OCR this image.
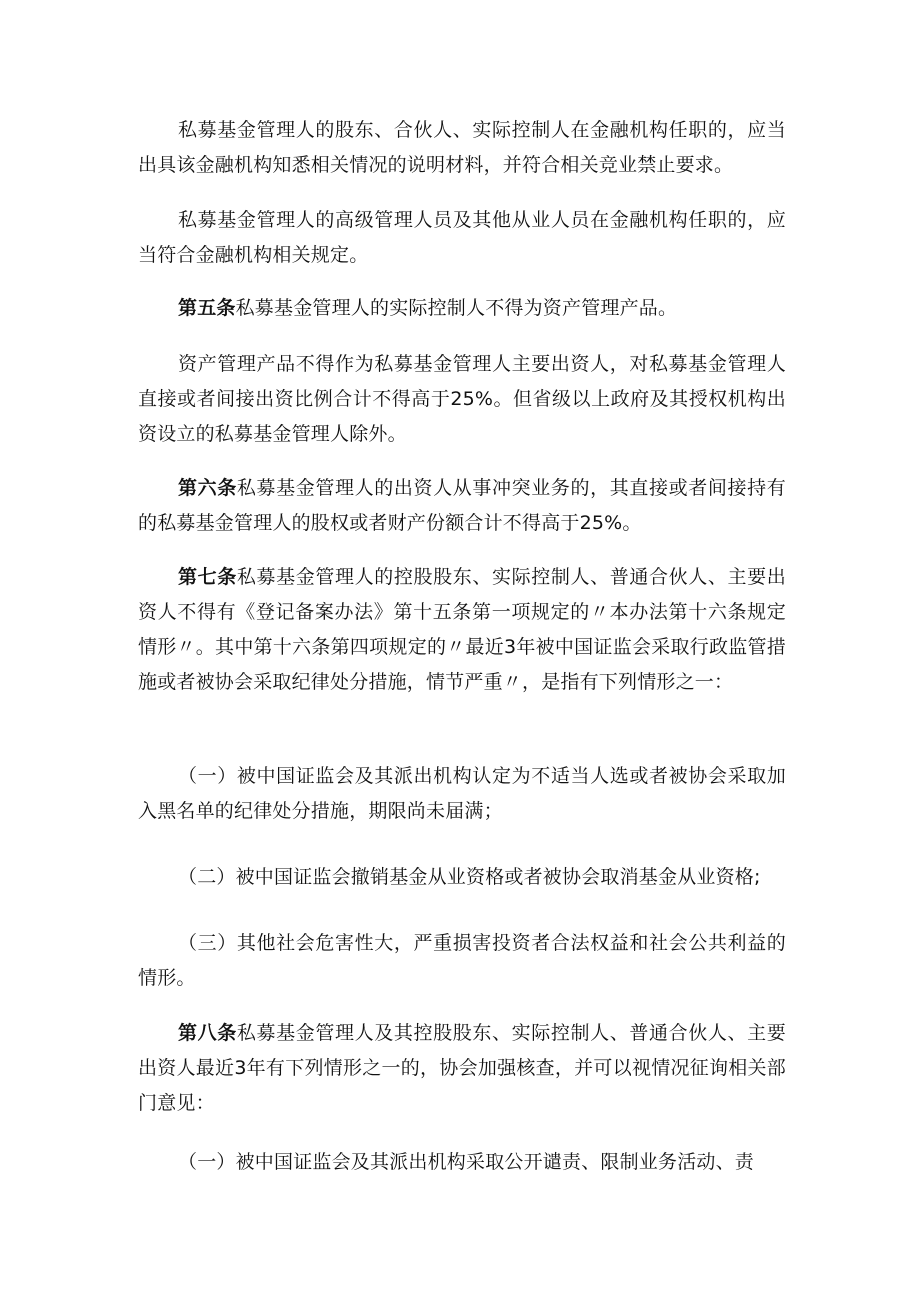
私募基金管理人的股东、合伙人、实际控制人在金融机构任职的，应当出具该金融机构知悉相关情况的说明材料，并符合相关竞业禁止要求。

私募基金管理人的高级管理人员及其他从业人员在金融机构任职的，应当符合金融机构相关规定。

第五条私募基金管理人的实际控制人不得为资产管理产品。

资产管理产品不得作为私募基金管理人主要出资人，对私募基金管理人直接或者间接出资比例合计不得高于25%。但省级以上政府及其授权机构出资设立的私募基金管理人除外。

第六条私募基金管理人的出资人从事冲突业务的，其直接或者间接持有的私募基金管理人的股权或者财产份额合计不得高于25%。

第七条私募基金管理人的控股股东、实际控制人、普通合伙人、主要出资人不得有《登记备案办法》第十五条第一项规定的〃本办法第十六条规定情形〃。其中第十六条第四项规定的〃最近3年被中国证监会采取行政监管措施或者被协会采取纪律处分措施，情节严重〃，是指有下列情形之一：

（一）被中国证监会及其派出机构认定为不适当人选或者被协会采取加入黑名单的纪律处分措施，期限尚未届满；

（二）被中国证监会撤销基金从业资格或者被协会取消基金从业资格;

（三）其他社会危害性大，严重损害投资者合法权益和社会公共利益的情形。

第八条私募基金管理人及其控股股东、实际控制人、普通合伙人、主要出资人最近3年有下列情形之一的，协会加强核查，并可以视情况征询相关部门意见：

（一）被中国证监会及其派出机构采取公开谴责、限制业务活动、责
